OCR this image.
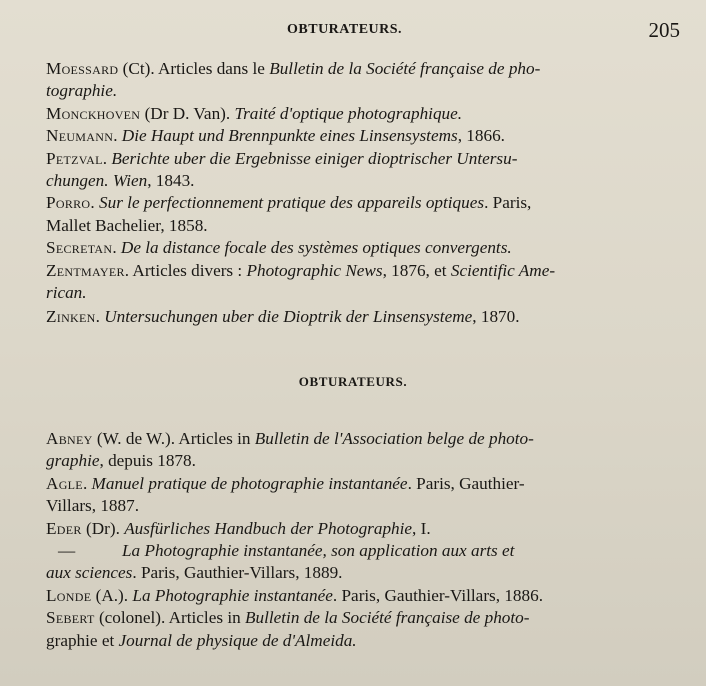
OBTURATEURS.	205

Moessard (Ct). Articles dans le Bulletin de la Société française de pho-
tographie.

Monckhoven (Dr D. Van). Traité d'optique photographique.

Neumann. Die Haupt und Brennpunkte eines Linsensystems, 1866.

Petzval. Berichte uber die Ergebnisse einiger dioptrischer Untersu-
chungen. Wien, 1843.

Porro. Sur le perfectionnement pratique des appareils optiques. Paris,
Mallet Bachelier, 1858.

Secretan. De la distance focale des systèmes optiques convergents.

Zentmayer. Articles divers : Photographic News, 1876, et Scientific Ame-
rican.

Zinken. Untersuchungen uber die Dioptrik der Linsensysteme, 1870.

OBTURATEURS.

Abney (W. de W.). Articles in Bulletin de l'Association belge de photo-
graphie, depuis 1878.

Agle. Manuel pratique de photographie instantanée. Paris, Gauthier-
Villars, 1887.

Eder (Dr). Ausfürliches Handbuch der Photographie, I.

—	La Photographie instantanée, son application aux arts et
aux sciences. Paris, Gauthier-Villars, 1889.

Londe (A.). La Photographie instantanée. Paris, Gauthier-Villars, 1886.

Sebert (colonel). Articles in Bulletin de la Société française de photo-
graphie et Journal de physique de d'Almeida.
